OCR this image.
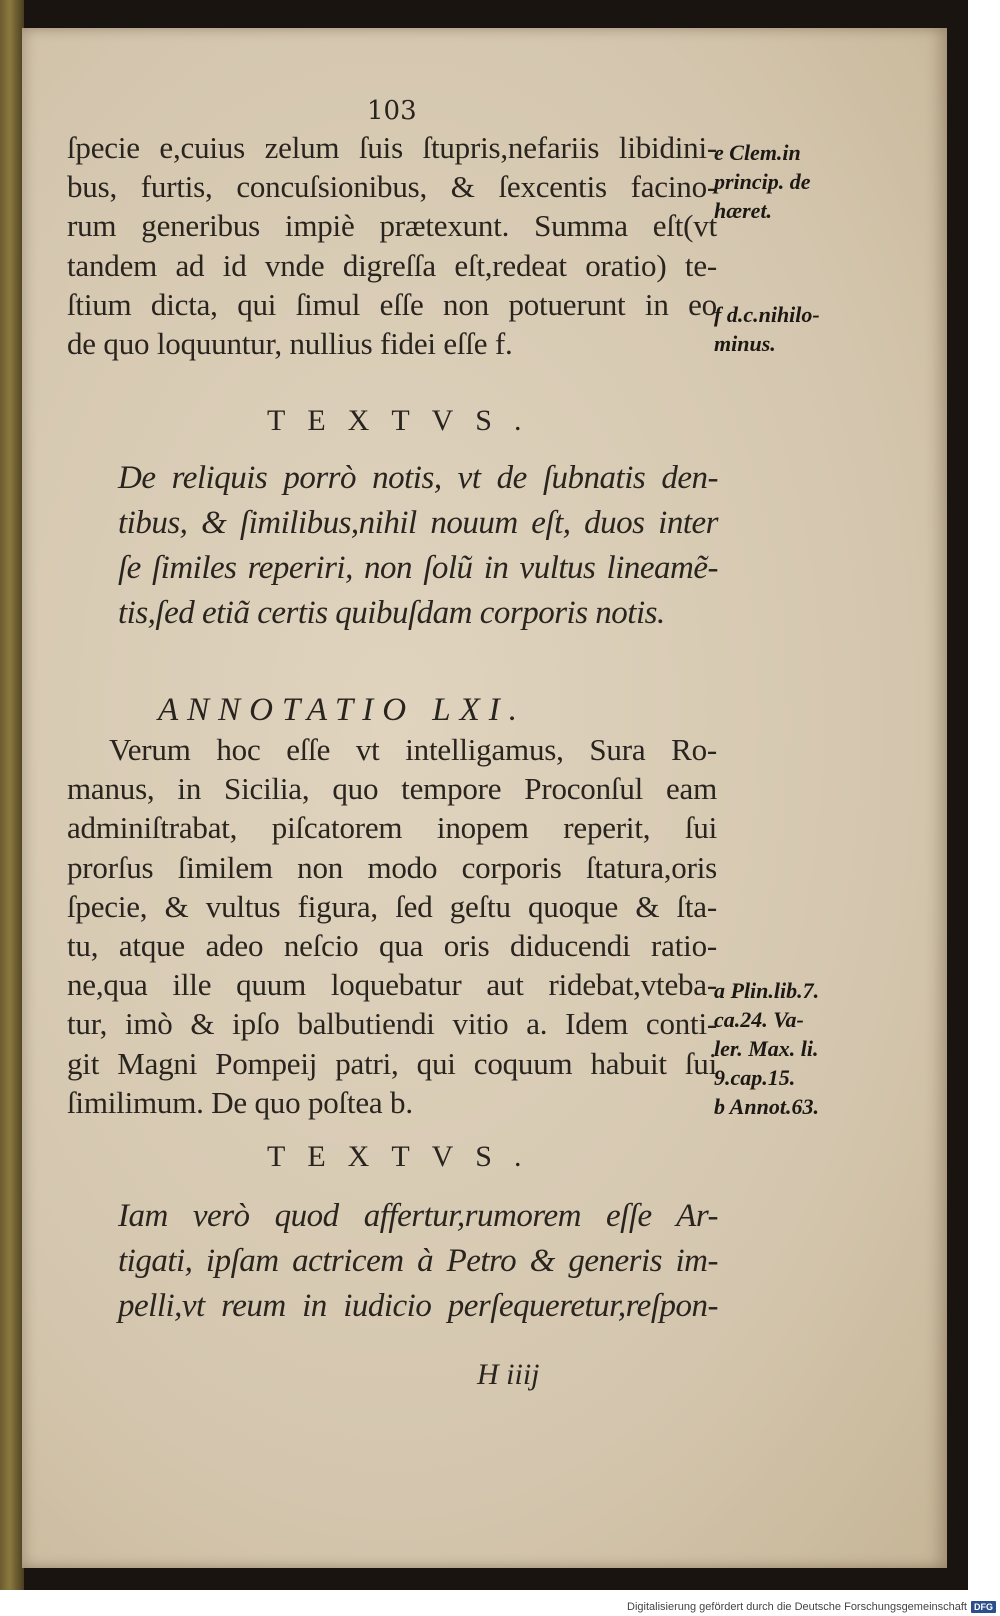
103
ſpecie e,cuius zelum ſuis ſtupris,nefariis libidini-
bus, furtis, concuſsionibus, & ſexcentis facino-
rum generibus impiè prætexunt. Summa eſt(vt
tandem ad id vnde digreſſa eſt,redeat oratio) te-
ſtium dicta, qui ſimul eſſe non potuerunt in eo
de quo loquuntur, nullius fidei eſſe f.
e Clem.in
princip. de
hæret.
f d.c.nihilo-
minus.
TEXTVS.
De reliquis porrò notis, vt de ſubnatis den-
tibus, & ſimilibus,nihil nouum eſt, duos inter
ſe ſimiles reperiri, non ſolũ in vultus lineamẽ-
tis,ſed etiã certis quibuſdam corporis notis.
ANNOTATIO LXI.
Verum hoc eſſe vt intelligamus, Sura Ro-
manus, in Sicilia, quo tempore Proconſul eam
adminiſtrabat, piſcatorem inopem reperit, ſui
prorſus ſimilem non modo corporis ſtatura,oris
ſpecie, & vultus figura, ſed geſtu quoque & ſta-
tu, atque adeo neſcio qua oris diducendi ratio-
ne,qua ille quum loquebatur aut ridebat,vteba-
tur, imò & ipſo balbutiendi vitio a. Idem conti-
git Magni Pompeij patri, qui coquum habuit ſui
ſimilimum. De quo poſtea b.
a Plin.lib.7.
ca.24. Va-
ler. Max. li.
9.cap.15.
b Annot.63.
TEXTVS.
Iam verò quod affertur,rumorem eſſe Ar-
tigati, ipſam actricem à Petro & generis im-
pelli,vt reum in iudicio perſequeretur,reſpon-
H iiij
Digitalisierung gefördert durch die Deutsche Forschungsgemeinschaft DFG
